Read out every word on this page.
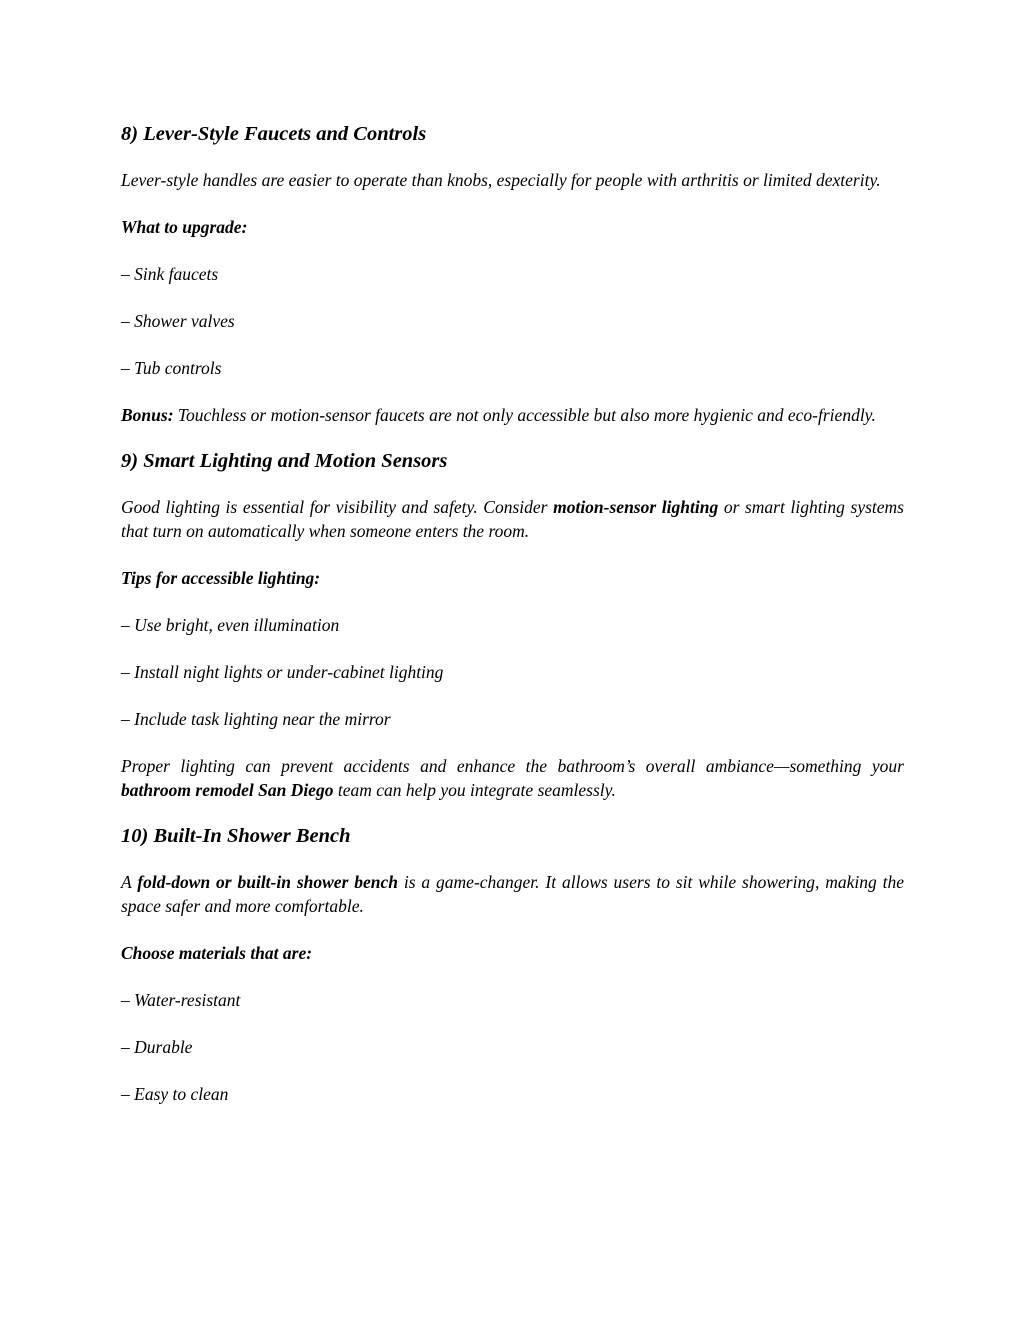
8) Lever-Style Faucets and Controls

Lever-style handles are easier to operate than knobs, especially for people with arthritis or limited dexterity.

What to upgrade:

– Sink faucets

– Shower valves

– Tub controls

Bonus: Touchless or motion-sensor faucets are not only accessible but also more hygienic and eco-friendly.

9) Smart Lighting and Motion Sensors

Good lighting is essential for visibility and safety. Consider motion-sensor lighting or smart lighting systems that turn on automatically when someone enters the room.

Tips for accessible lighting:

– Use bright, even illumination

– Install night lights or under-cabinet lighting

– Include task lighting near the mirror

Proper lighting can prevent accidents and enhance the bathroom’s overall ambiance—something your bathroom remodel San Diego team can help you integrate seamlessly.

10) Built-In Shower Bench

A fold-down or built-in shower bench is a game-changer. It allows users to sit while showering, making the space safer and more comfortable.

Choose materials that are:

– Water-resistant

– Durable

– Easy to clean
